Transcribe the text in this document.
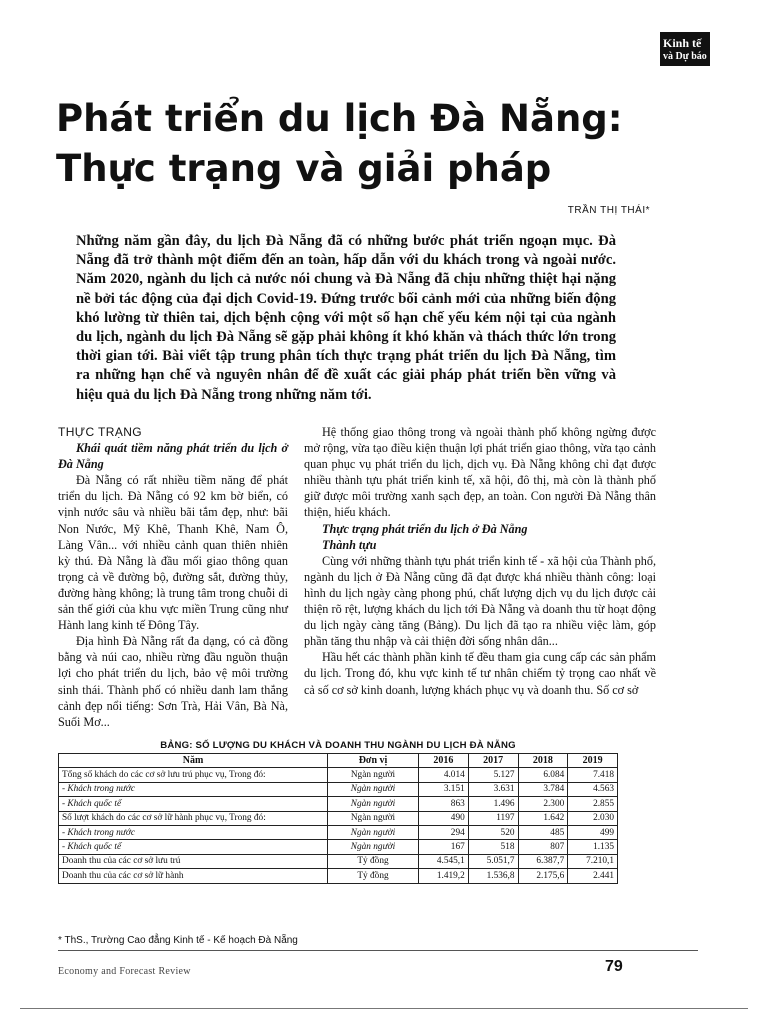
Kinh tế
và Dự báo
Phát triển du lịch Đà Nẵng:
Thực trạng và giải pháp
TRẦN THỊ THÁI*

Những năm gần đây, du lịch Đà Nẵng đã có những bước phát triển ngoạn mục. Đà Nẵng đã trở thành một điểm đến an toàn, hấp dẫn với du khách trong và ngoài nước. Năm 2020, ngành du lịch cả nước nói chung và Đà Nẵng đã chịu những thiệt hại nặng nề bởi tác động của đại dịch Covid-19. Đứng trước bối cảnh mới của những biến động khó lường từ thiên tai, dịch bệnh cộng với một số hạn chế yếu kém nội tại của ngành du lịch, ngành du lịch Đà Nẵng sẽ gặp phải không ít khó khăn và thách thức lớn trong thời gian tới. Bài viết tập trung phân tích thực trạng phát triển du lịch Đà Nẵng, tìm ra những hạn chế và nguyên nhân để đề xuất các giải pháp phát triển bền vững và hiệu quả du lịch Đà Nẵng trong những năm tới.

THỰC TRẠNG

Khái quát tiềm năng phát triển du lịch ở Đà Nẵng

Đà Nẵng có rất nhiều tiềm năng để phát triển du lịch. Đà Nẵng có 92 km bờ biển, có vịnh nước sâu và nhiều bãi tắm đẹp, như: bãi Non Nước, Mỹ Khê, Thanh Khê, Nam Ô, Làng Vân... với nhiều cảnh quan thiên nhiên kỳ thú. Đà Nẵng là đầu mối giao thông quan trọng cả về đường bộ, đường sắt, đường thủy, đường hàng không; là trung tâm trong chuỗi di sản thế giới của khu vực miền Trung cũng như Hành lang kinh tế Đông Tây.

Địa hình Đà Nẵng rất đa dạng, có cả đồng bằng và núi cao, nhiều rừng đầu nguồn thuận lợi cho phát triển du lịch, bảo vệ môi trường sinh thái. Thành phố có nhiều danh lam thắng cảnh đẹp nổi tiếng: Sơn Trà, Hải Vân, Bà Nà, Suối Mơ...

Hệ thống giao thông trong và ngoài thành phố không ngừng được mở rộng, vừa tạo điều kiện thuận lợi phát triển giao thông, vừa tạo cảnh quan phục vụ phát triển du lịch, dịch vụ. Đà Nẵng không chỉ đạt được nhiều thành tựu phát triển kinh tế, xã hội, đô thị, mà còn là thành phố giữ được môi trường xanh sạch đẹp, an toàn. Con người Đà Nẵng thân thiện, hiếu khách.

Thực trạng phát triển du lịch ở Đà Nẵng

Thành tựu

Cùng với những thành tựu phát triển kinh tế - xã hội của Thành phố, ngành du lịch ở Đà Nẵng cũng đã đạt được khá nhiều thành công: loại hình du lịch ngày càng phong phú, chất lượng dịch vụ du lịch được cải thiện rõ rệt, lượng khách du lịch tới Đà Nẵng và doanh thu từ hoạt động du lịch ngày càng tăng (Bảng). Du lịch đã tạo ra nhiều việc làm, góp phần tăng thu nhập và cải thiện đời sống nhân dân...

Hầu hết các thành phần kinh tế đều tham gia cung cấp các sản phẩm du lịch. Trong đó, khu vực kinh tế tư nhân chiếm tỷ trọng cao nhất về cả số cơ sở kinh doanh, lượng khách phục vụ và doanh thu. Số cơ sở

BẢNG: SỐ LƯỢNG DU KHÁCH VÀ DOANH THU NGÀNH DU LỊCH ĐÀ NẴNG

Năm	Đơn vị	2016	2017	2018	2019
Tổng số khách do các cơ sở lưu trú phục vụ, Trong đó:	Ngàn người	4.014	5.127	6.084	7.418
- Khách trong nước	Ngàn người	3.151	3.631	3.784	4.563
- Khách quốc tế	Ngàn người	863	1.496	2.300	2.855
Số lượt khách do các cơ sở lữ hành phục vụ, Trong đó:	Ngàn người	490	1197	1.642	2.030
- Khách trong nước	Ngàn người	294	520	485	499
- Khách quốc tế	Ngàn người	167	518	807	1.135
Doanh thu của các cơ sở lưu trú	Tỷ đồng	4.545,1	5.051,7	6.387,7	7.210,1
Doanh thu của các cơ sở lữ hành	Tỷ đồng	1.419,2	1.536,8	2.175,6	2.441
* ThS., Trường Cao đẳng Kinh tế - Kế hoạch Đà Nẵng
Economy and Forecast Review	79
